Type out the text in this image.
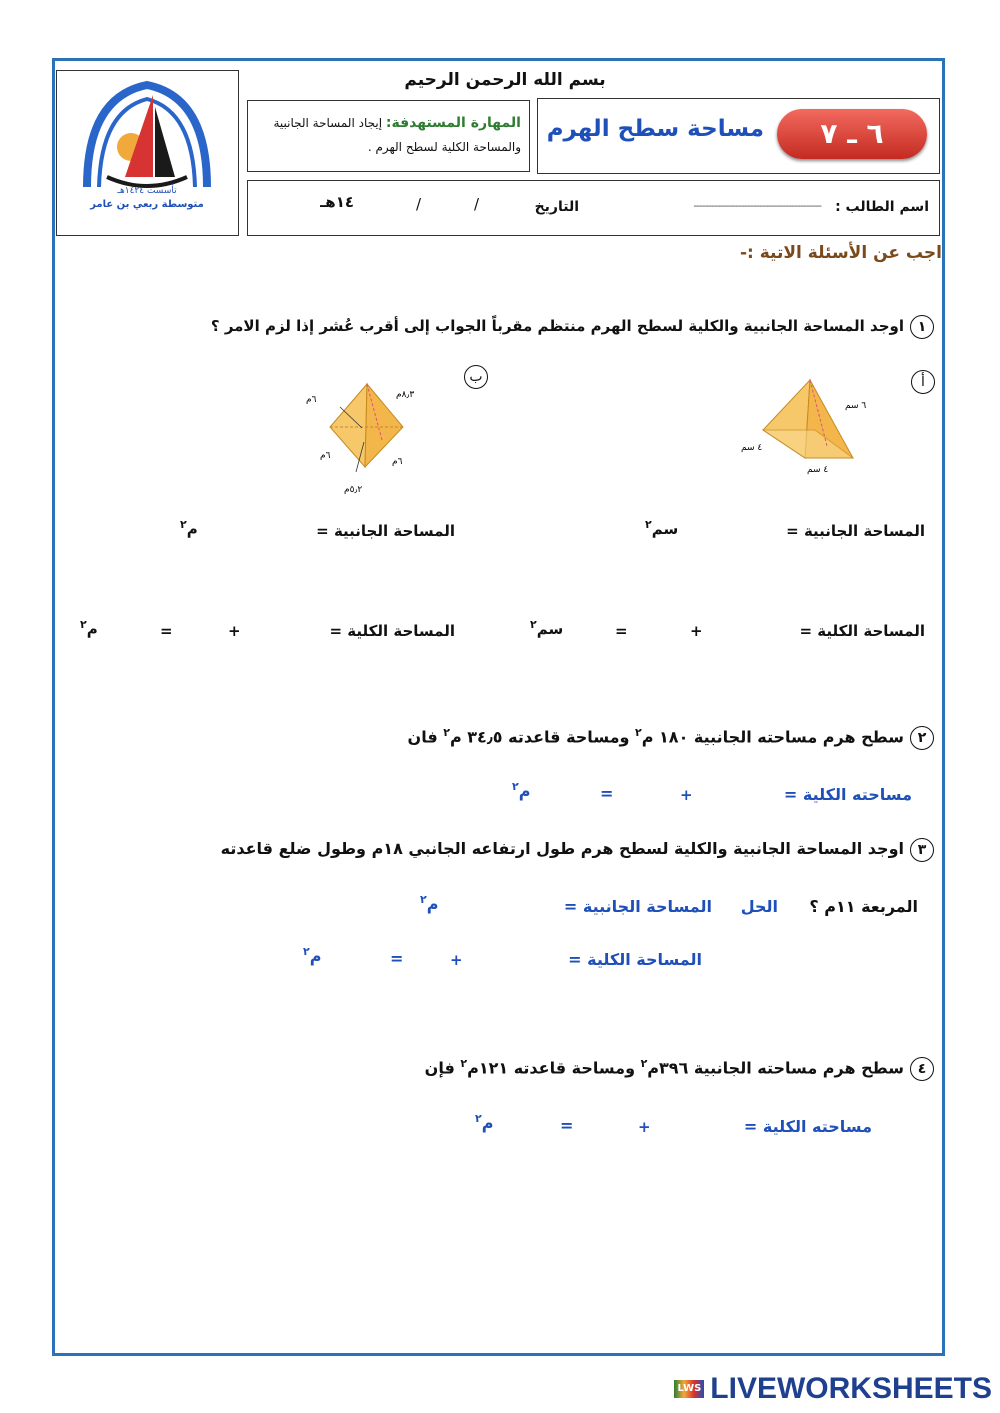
تأسست ١٤٢٤هـ
متوسطة ربعي بن عامر
بسم الله الرحمن الرحيم
المهارة المستهدفة: إيجاد المساحة الجانبية
والمساحة الكلية لسطح الهرم .	٦ ـ ٧
مساحة سطح الهرم
اسم الطالب :
-------------------------------------------
التاريخ
/
/
١٤هـ
اجب عن الأسئلة الاتية :-
١اوجد المساحة الجانبية والكلية لسطح الهرم منتظم مقرباً الجواب إلى أقرب عُشر إذا لزم الامر ؟
أ
٦ سم
٤ سم
٤ سم
ب
٦م	٨٫٣م
٦م
٦م
٥٫٢م
المساحة الجانبية =
سم$^٢$
المساحة الجانبية =
م$^٢$
المساحة الكلية =
+
=
سم$^٢$
المساحة الكلية =
+
=
م$^٢$
٢سطح هرم مساحته الجانبية ١٨٠ م$^٢$ ومساحة قاعدته ٣٤٫٥ م$^٢$ فان
مساحته الكلية =
+
=
م$^٢$
٣اوجد المساحة الجانبية والكلية لسطح هرم طول ارتفاعه الجانبي ١٨م وطول ضلع قاعدته
المربعة ١١م ؟
الحل
المساحة الجانبية =
م$^٢$
المساحة الكلية =
+
=
م$^٢$
٤سطح هرم مساحته الجانبية ٣٩٦م$^٢$ ومساحة قاعدته ١٢١م$^٢$ فإن
مساحته الكلية =
+
=
م$^٢$
LWS LIVEWORKSHEETS
